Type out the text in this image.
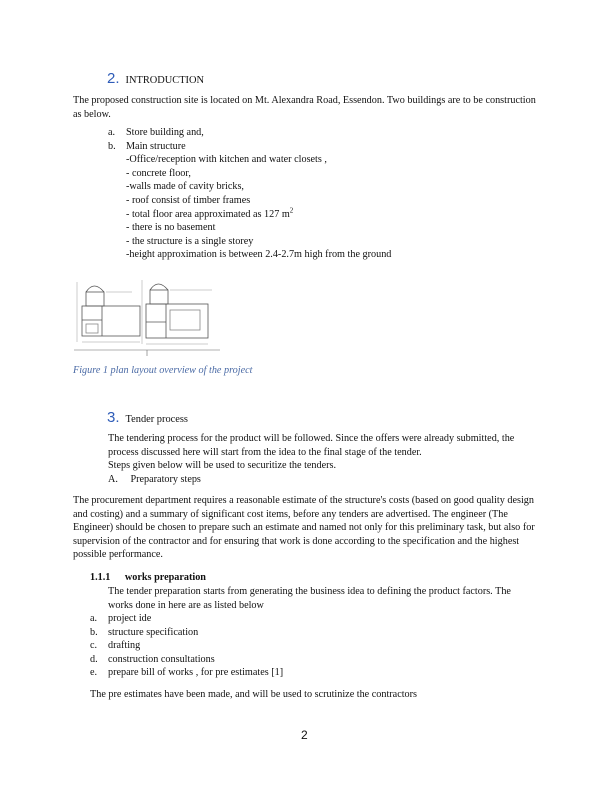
2. INTRODUCTION
The proposed construction site is located on Mt. Alexandra Road, Essendon. Two buildings are to be construction as below.
a. Store building and,
b. Main structure
-Office/reception with kitchen and water closets ,
- concrete floor,
-walls made of cavity bricks,
- roof consist of timber frames
- total floor area approximated as 127 $m^2$
- there is no basement
- the structure is a single storey
-height approximation is between 2.4-2.7m high from the ground
Figure 1 plan layout overview of the project
3. Tender process
The tendering process for the product will be followed. Since the offers were already submitted, the process discussed here will start from the idea to the final stage of the tender.
Steps given below will be used to securitize the tenders.
A. Preparatory steps
The procurement department requires a reasonable estimate of the structure's costs (based on good quality design and costing) and a summary of significant cost items, before any tenders are advertised. The engineer (The Engineer) should be chosen to prepare such an estimate and named not only for this preliminary task, but also for supervision of the contractor and for ensuring that work is done according to the specification and the highest possible performance.
1.1.1 works preparation
The tender preparation starts from generating the business idea to defining the product factors. The works done in here are as listed below
a. project ide
b. structure specification
c. drafting
d. construction consultations
e. prepare bill of works , for pre estimates [1]
The pre estimates have been made, and will be used to scrutinize the contractors
2
